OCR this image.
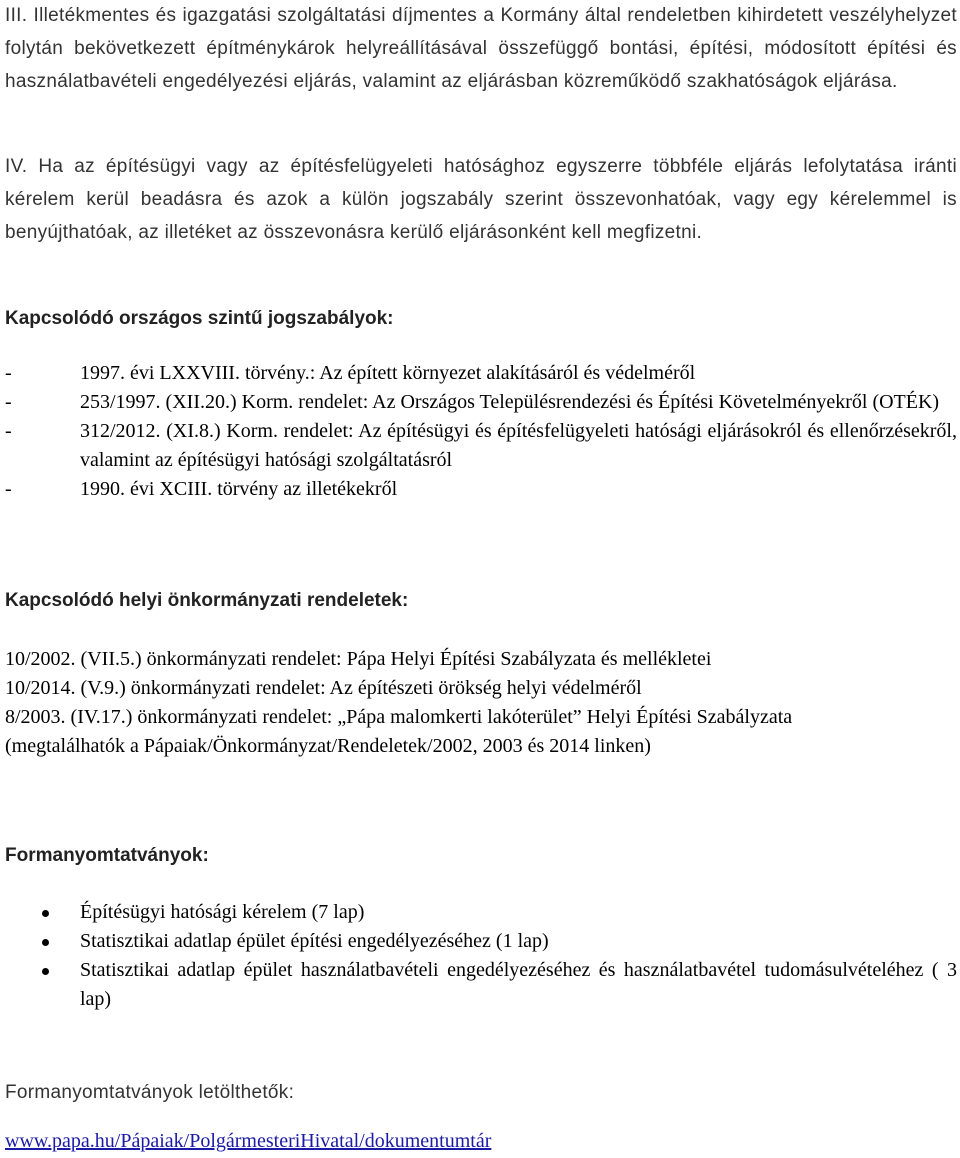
III. Illetékmentes és igazgatási szolgáltatási díjmentes a Kormány által rendeletben kihirdetett veszélyhelyzet folytán bekövetkezett építménykárok helyreállításával összefüggő bontási, építési, módosított építési és használatbavételi engedélyezési eljárás, valamint az eljárásban közreműködő szakhatóságok eljárása.

IV. Ha az építésügyi vagy az építésfelügyeleti hatósághoz egyszerre többféle eljárás lefolytatása iránti kérelem kerül beadásra és azok a külön jogszabály szerint összevonhatóak, vagy egy kérelemmel is benyújthatóak, az illetéket az összevonásra kerülő eljárásonként kell megfizetni.

Kapcsolódó országos szintű jogszabályok:
-	1997. évi LXXVIII. törvény.: Az épített környezet alakításáról és védelméről
-	253/1997. (XII.20.) Korm. rendelet: Az Országos Településrendezési és Építési Követelményekről (OTÉK)
-	312/2012. (XI.8.) Korm. rendelet: Az építésügyi és építésfelügyeleti hatósági eljárásokról és ellenőrzésekről, valamint az építésügyi hatósági szolgáltatásról
-	1990. évi XCIII. törvény az illetékekről
Kapcsolódó helyi önkormányzati rendeletek:

10/2002. (VII.5.) önkormányzati rendelet: Pápa Helyi Építési Szabályzata és mellékletei

10/2014. (V.9.) önkormányzati rendelet: Az építészeti örökség helyi védelméről

8/2003. (IV.17.) önkormányzati rendelet: „Pápa malomkerti lakóterület” Helyi Építési Szabályzata

(megtalálhatók a Pápaiak/Önkormányzat/Rendeletek/2002, 2003 és 2014 linken)

Formanyomtatványok:
Építésügyi hatósági kérelem (7 lap)
Statisztikai adatlap épület építési engedélyezéséhez (1 lap)
Statisztikai adatlap épület használatbavételi engedélyezéséhez és használatbavétel tudomásulvételéhez ( 3 lap)
Formanyomtatványok letölthetők:
www.papa.hu/Pápaiak/PolgármesteriHivatal/dokumentumtár
